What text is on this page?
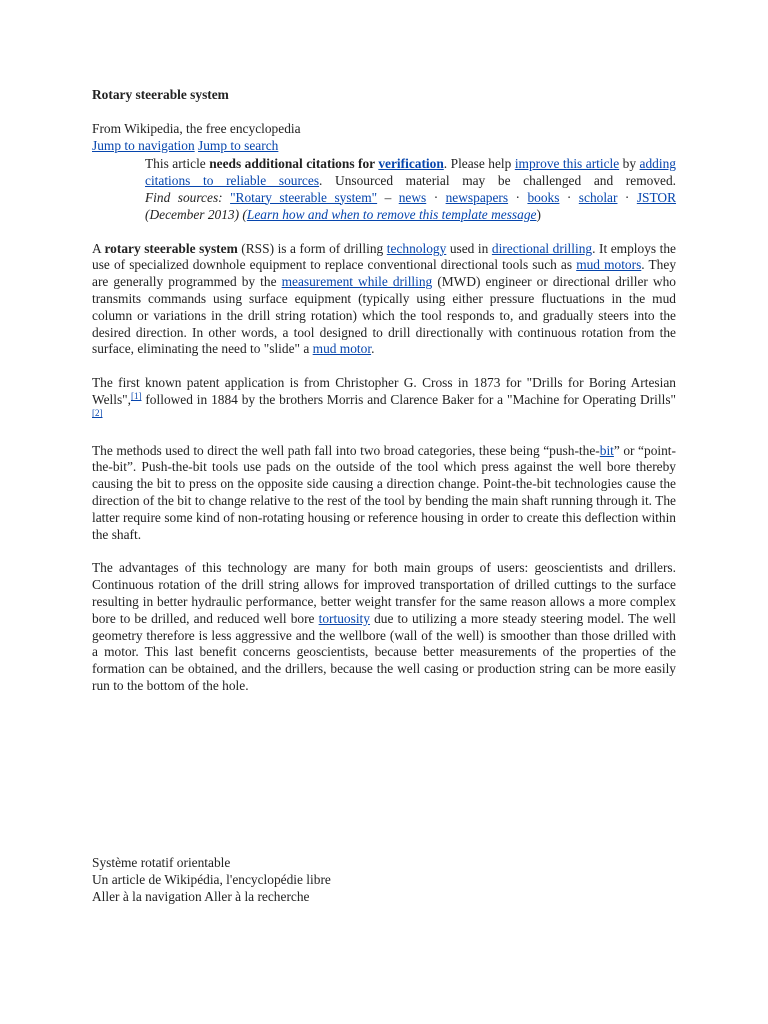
Rotary steerable system
From Wikipedia, the free encyclopedia
Jump to navigation Jump to search
This article needs additional citations for verification. Please help improve this article by adding citations to reliable sources. Unsourced material may be challenged and removed.
Find sources: "Rotary steerable system" – news · newspapers · books · scholar · JSTOR (December 2013) (Learn how and when to remove this template message)
A rotary steerable system (RSS) is a form of drilling technology used in directional drilling. It employs the use of specialized downhole equipment to replace conventional directional tools such as mud motors. They are generally programmed by the measurement while drilling (MWD) engineer or directional driller who transmits commands using surface equipment (typically using either pressure fluctuations in the mud column or variations in the drill string rotation) which the tool responds to, and gradually steers into the desired direction. In other words, a tool designed to drill directionally with continuous rotation from the surface, eliminating the need to "slide" a mud motor.
The first known patent application is from Christopher G. Cross in 1873 for "Drills for Boring Artesian Wells",[1] followed in 1884 by the brothers Morris and Clarence Baker for a "Machine for Operating Drills"[2]
The methods used to direct the well path fall into two broad categories, these being “push-the-bit” or “point-the-bit”. Push-the-bit tools use pads on the outside of the tool which press against the well bore thereby causing the bit to press on the opposite side causing a direction change. Point-the-bit technologies cause the direction of the bit to change relative to the rest of the tool by bending the main shaft running through it. The latter require some kind of non-rotating housing or reference housing in order to create this deflection within the shaft.
The advantages of this technology are many for both main groups of users: geoscientists and drillers. Continuous rotation of the drill string allows for improved transportation of drilled cuttings to the surface resulting in better hydraulic performance, better weight transfer for the same reason allows a more complex bore to be drilled, and reduced well bore tortuosity due to utilizing a more steady steering model. The well geometry therefore is less aggressive and the wellbore (wall of the well) is smoother than those drilled with a motor. This last benefit concerns geoscientists, because better measurements of the properties of the formation can be obtained, and the drillers, because the well casing or production string can be more easily run to the bottom of the hole.
Système rotatif orientable
Un article de Wikipédia, l'encyclopédie libre
Aller à la navigation Aller à la recherche
